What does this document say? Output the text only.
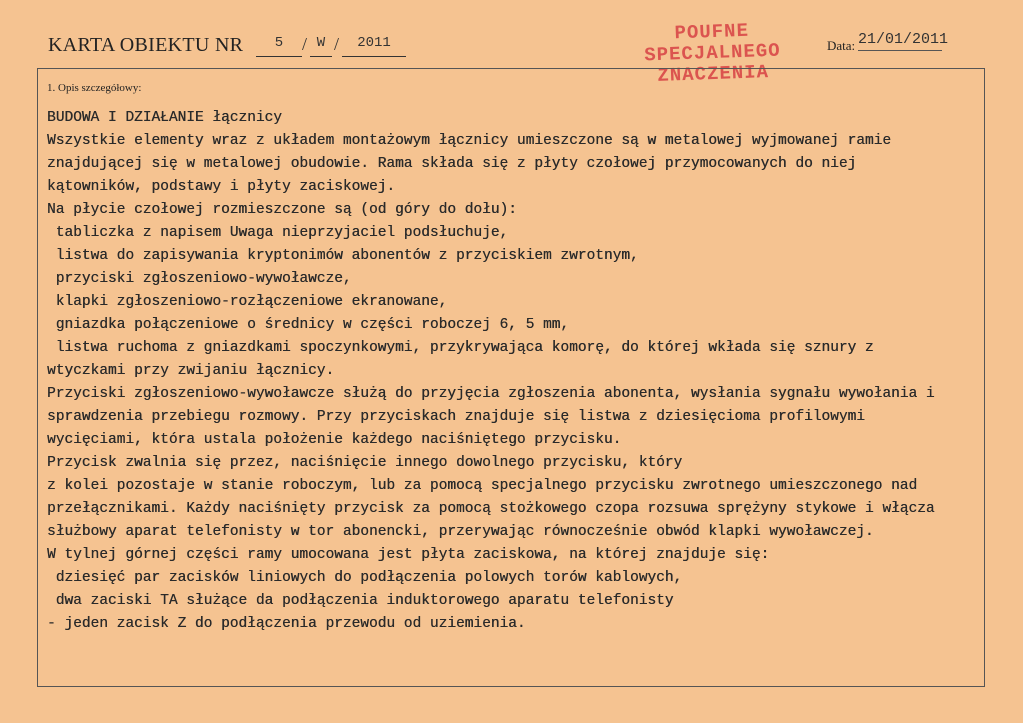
KARTA OBIEKTU NR	5	/ W /	2011	POUFNE
SPECJALNEGO
ZNACZENIA
Data: 21/01/2011
1. Opis szczegółowy:

BUDOWA I DZIAŁANIE łącznicy

Wszystkie elementy wraz z układem montażowym łącznicy umieszczone są w metalowej wyjmowanej ramie

znajdującej się w metalowej obudowie. Rama składa się z płyty czołowej przymocowanych do niej

kątowników, podstawy i płyty zaciskowej.

Na płycie czołowej rozmieszczone są (od góry do dołu):

tabliczka z napisem Uwaga nieprzyjaciel podsłuchuje,

listwa do zapisywania kryptonimów abonentów z przyciskiem zwrotnym,

przyciski zgłoszeniowo-wywoławcze,

klapki zgłoszeniowo-rozłączeniowe ekranowane,

gniazdka połączeniowe o średnicy w części roboczej 6, 5 mm,

listwa ruchoma z gniazdkami spoczynkowymi, przykrywająca komorę, do której wkłada się sznury z

wtyczkami przy zwijaniu łącznicy.

Przyciski zgłoszeniowo-wywoławcze służą do przyjęcia zgłoszenia abonenta, wysłania sygnału wywołania i

sprawdzenia przebiegu rozmowy. Przy przyciskach znajduje się listwa z dziesięcioma profilowymi

wycięciami, która ustala położenie każdego naciśniętego przycisku.

Przycisk zwalnia się przez, naciśnięcie innego dowolnego przycisku, który

z kolei pozostaje w stanie roboczym, lub za pomocą specjalnego przycisku zwrotnego umieszczonego nad

przełącznikami. Każdy naciśnięty przycisk za pomocą stożkowego czopa rozsuwa sprężyny stykowe i włącza

służbowy aparat telefonisty w tor abonencki, przerywając równocześnie obwód klapki wywoławczej.

W tylnej górnej części ramy umocowana jest płyta zaciskowa, na której znajduje się:

dziesięć par zacisków liniowych do podłączenia polowych torów kablowych,

dwa zaciski TA służące da podłączenia induktorowego aparatu telefonisty

- jeden zacisk Z do podłączenia przewodu od uziemienia.
